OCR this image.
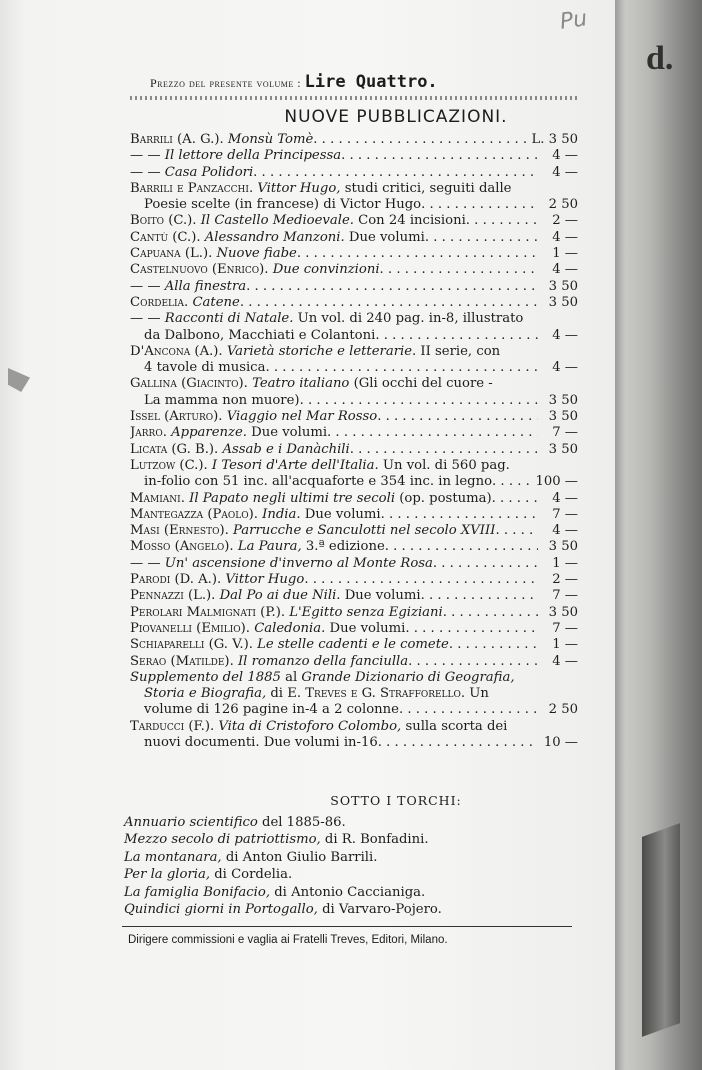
d.
Pu
Prezzo del presente volume : Lire Quattro.
NUOVE PUBBLICAZIONI.
Barrili (A. G.). Monsù Tomè . . .	L. 3 50
— — Il lettore della Principessa . . .	4 —
— — Casa Polidori . . .	4 —
Barrili e Panzacchi. Vittor Hugo, studi critici, seguiti dalle
Poesie scelte (in francese) di Victor Hugo . . .	2 50
Boito (C.). Il Castello Medioevale. Con 24 incisioni . . .	2 —
Cantù (C.). Alessandro Manzoni. Due volumi . . .	4 —
Capuana (L.). Nuove fiabe . . .	1 —
Castelnuovo (Enrico). Due convinzioni . . .	4 —
— — Alla finestra . . .	3 50
Cordelia. Catene . . .	3 50
— — Racconti di Natale. Un vol. di 240 pag. in-8, illustrato
da Dalbono, Macchiati e Colantoni . . .	4 —
D'Ancona (A.). Varietà storiche e letterarie. II serie, con
4 tavole di musica . . .	4 —
Gallina (Giacinto). Teatro italiano (Gli occhi del cuore -
La mamma non muore) . . .	3 50
Issel (Arturo). Viaggio nel Mar Rosso . . .	3 50
Jarro. Apparenze. Due volumi . . .	7 —
Licata (G. B.). Assab e i Danàchili . . .	3 50
Lutzow (C.). I Tesori d'Arte dell'Italia. Un vol. di 560 pag.
in-folio con 51 inc. all'acquaforte e 354 inc. in legno . . .	100 —
Mamiani. Il Papato negli ultimi tre secoli (op. postuma) . . .	4 —
Mantegazza (Paolo). India. Due volumi . . .	7 —
Masi (Ernesto). Parrucche e Sanculotti nel secolo XVIII . . .	4 —
Mosso (Angelo). La Paura, 3.ª edizione . . .	3 50
— — Un' ascensione d'inverno al Monte Rosa . . .	1 —
Parodi (D. A.). Vittor Hugo . . .	2 —
Pennazzi (L.). Dal Po ai due Nili. Due volumi . . .	7 —
Perolari Malmignati (P.). L'Egitto senza Egiziani . . .	3 50
Piovanelli (Emilio). Caledonia. Due volumi . . .	7 —
Schiaparelli (G. V.). Le stelle cadenti e le comete . . .	1 —
Serao (Matilde). Il romanzo della fanciulla . . .	4 —
Supplemento del 1885 al Grande Dizionario di Geografia,
Storia e Biografia, di E. Treves e G. Strafforello. Un
volume di 126 pagine in-4 a 2 colonne . . .	2 50
Tarducci (F.). Vita di Cristoforo Colombo, sulla scorta dei
nuovi documenti. Due volumi in-16 . . .	10 —
SOTTO I TORCHI:
Annuario scientifico del 1885-86.
Mezzo secolo di patriottismo, di R. Bonfadini.
La montanara, di Anton Giulio Barrili.
Per la gloria, di Cordelia.
La famiglia Bonifacio, di Antonio Caccianiga.
Quindici giorni in Portogallo, di Varvaro-Pojero.
Dirigere commissioni e vaglia ai Fratelli Treves, Editori, Milano.
